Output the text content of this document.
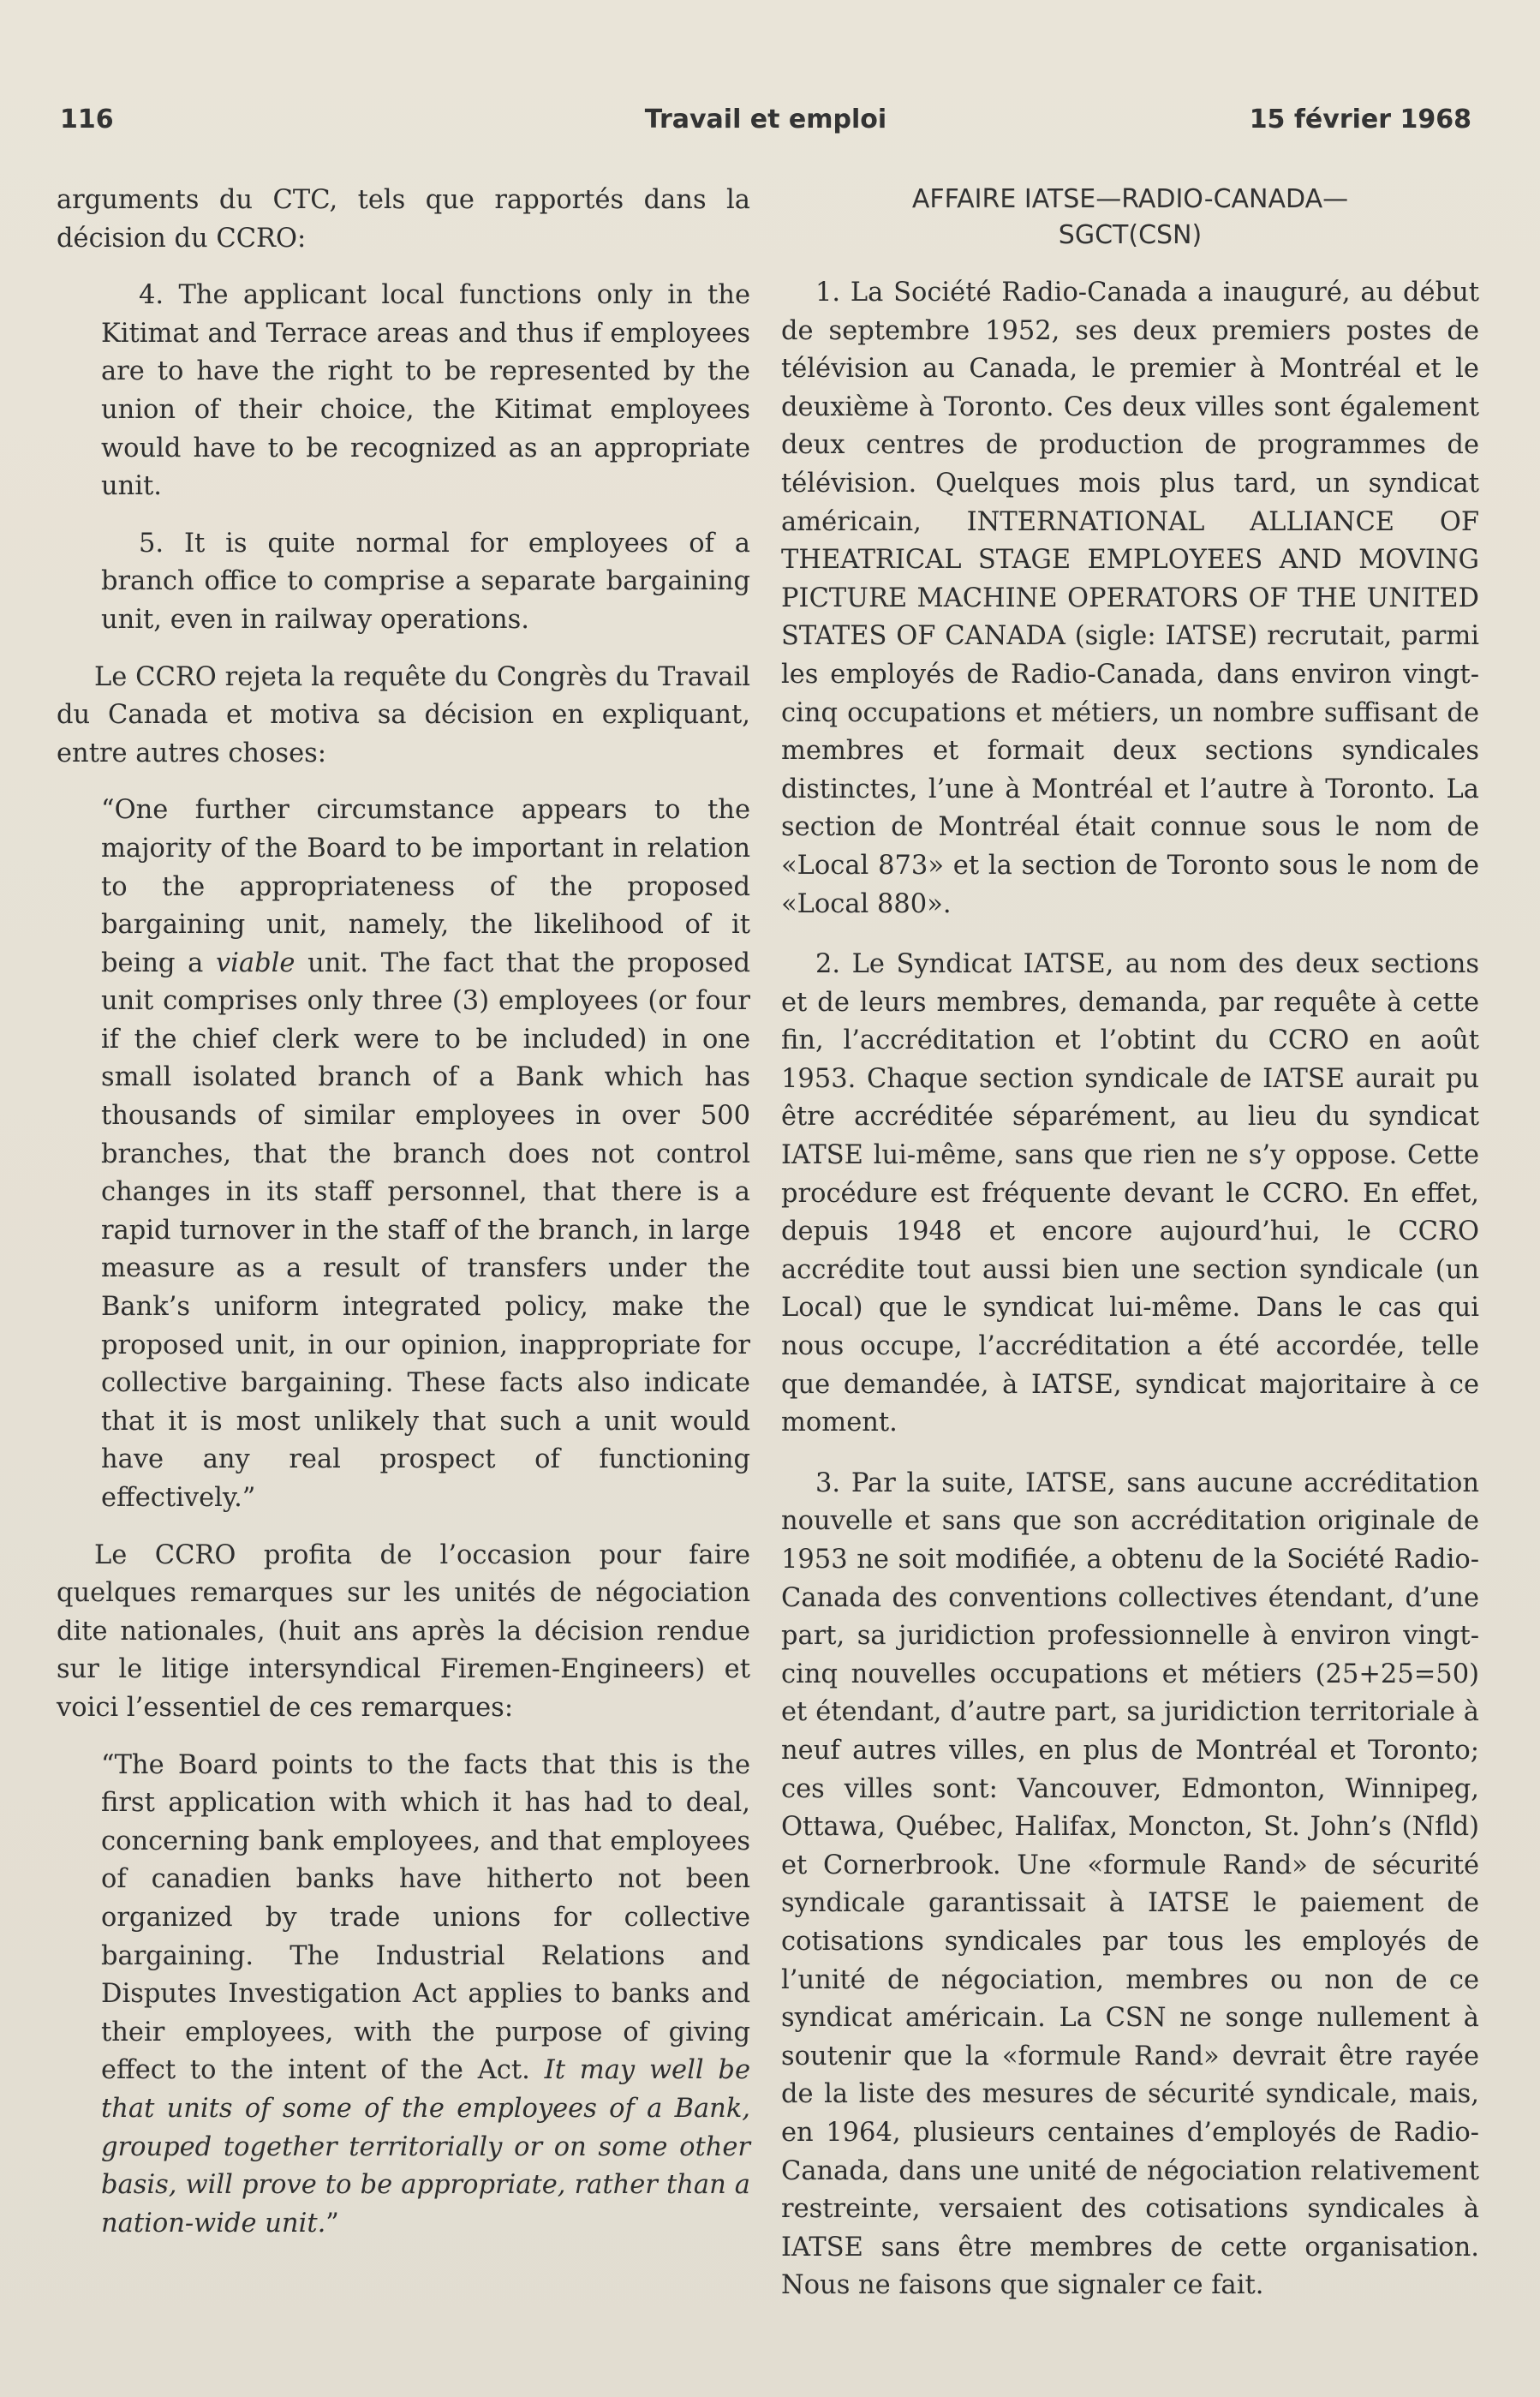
116	Travail et emploi	15 février 1968

arguments du CTC, tels que rapportés dans la décision du CCRO:

4. The applicant local functions only in the Kitimat and Terrace areas and thus if employees are to have the right to be represented by the union of their choice, the Kitimat employees would have to be recognized as an appropriate unit.

5. It is quite normal for employees of a branch office to comprise a separate bargaining unit, even in railway operations.

Le CCRO rejeta la requête du Congrès du Travail du Canada et motiva sa décision en expliquant, entre autres choses:

“One further circumstance appears to the majority of the Board to be important in relation to the appropriateness of the proposed bargaining unit, namely, the likelihood of it being a viable unit. The fact that the proposed unit comprises only three (3) employees (or four if the chief clerk were to be included) in one small isolated branch of a Bank which has thousands of similar employees in over 500 branches, that the branch does not control changes in its staff personnel, that there is a rapid turnover in the staff of the branch, in large measure as a result of transfers under the Bank’s uniform integrated policy, make the proposed unit, in our opinion, inappropriate for collective bargaining. These facts also indicate that it is most unlikely that such a unit would have any real prospect of functioning effectively.”

Le CCRO profita de l’occasion pour faire quelques remarques sur les unités de négociation dite nationales, (huit ans après la décision rendue sur le litige intersyndical Firemen-Engineers) et voici l’essentiel de ces remarques:

“The Board points to the facts that this is the first application with which it has had to deal, concerning bank employees, and that employees of canadien banks have hitherto not been organized by trade unions for collective bargaining. The Industrial Relations and Disputes Investigation Act applies to banks and their employees, with the purpose of giving effect to the intent of the Act. It may well be that units of some of the employees of a Bank, grouped together territorially or on some other basis, will prove to be appropriate, rather than a nation-wide unit.”

AFFAIRE IATSE—RADIO-CANADA—
SGCT(CSN)

1. La Société Radio-Canada a inauguré, au début de septembre 1952, ses deux premiers postes de télévision au Canada, le premier à Montréal et le deuxième à Toronto. Ces deux villes sont également deux centres de production de programmes de télévision. Quelques mois plus tard, un syndicat américain, INTERNATIONAL ALLIANCE OF THEATRICAL STAGE EMPLOYEES AND MOVING PICTURE MACHINE OPERATORS OF THE UNITED STATES OF CANADA (sigle: IATSE) recrutait, parmi les employés de Radio-Canada, dans environ vingt-cinq occupations et métiers, un nombre suffisant de membres et formait deux sections syndicales distinctes, l’une à Montréal et l’autre à Toronto. La section de Montréal était connue sous le nom de «Local 873» et la section de Toronto sous le nom de «Local 880».

2. Le Syndicat IATSE, au nom des deux sections et de leurs membres, demanda, par requête à cette fin, l’accréditation et l’obtint du CCRO en août 1953. Chaque section syndicale de IATSE aurait pu être accréditée séparément, au lieu du syndicat IATSE lui-même, sans que rien ne s’y oppose. Cette procédure est fréquente devant le CCRO. En effet, depuis 1948 et encore aujourd’hui, le CCRO accrédite tout aussi bien une section syndicale (un Local) que le syndicat lui-même. Dans le cas qui nous occupe, l’accréditation a été accordée, telle que demandée, à IATSE, syndicat majoritaire à ce moment.

3. Par la suite, IATSE, sans aucune accréditation nouvelle et sans que son accréditation originale de 1953 ne soit modifiée, a obtenu de la Société Radio-Canada des conventions collectives étendant, d’une part, sa juridiction professionnelle à environ vingt-cinq nouvelles occupations et métiers (25+25=50) et étendant, d’autre part, sa juridiction territoriale à neuf autres villes, en plus de Montréal et Toronto; ces villes sont: Vancouver, Edmonton, Winnipeg, Ottawa, Québec, Halifax, Moncton, St. John’s (Nfld) et Cornerbrook. Une «formule Rand» de sécurité syndicale garantissait à IATSE le paiement de cotisations syndicales par tous les employés de l’unité de négociation, membres ou non de ce syndicat américain. La CSN ne songe nullement à soutenir que la «formule Rand» devrait être rayée de la liste des mesures de sécurité syndicale, mais, en 1964, plusieurs centaines d’employés de Radio-Canada, dans une unité de négociation relativement restreinte, versaient des cotisations syndicales à IATSE sans être membres de cette organisation. Nous ne faisons que signaler ce fait.
